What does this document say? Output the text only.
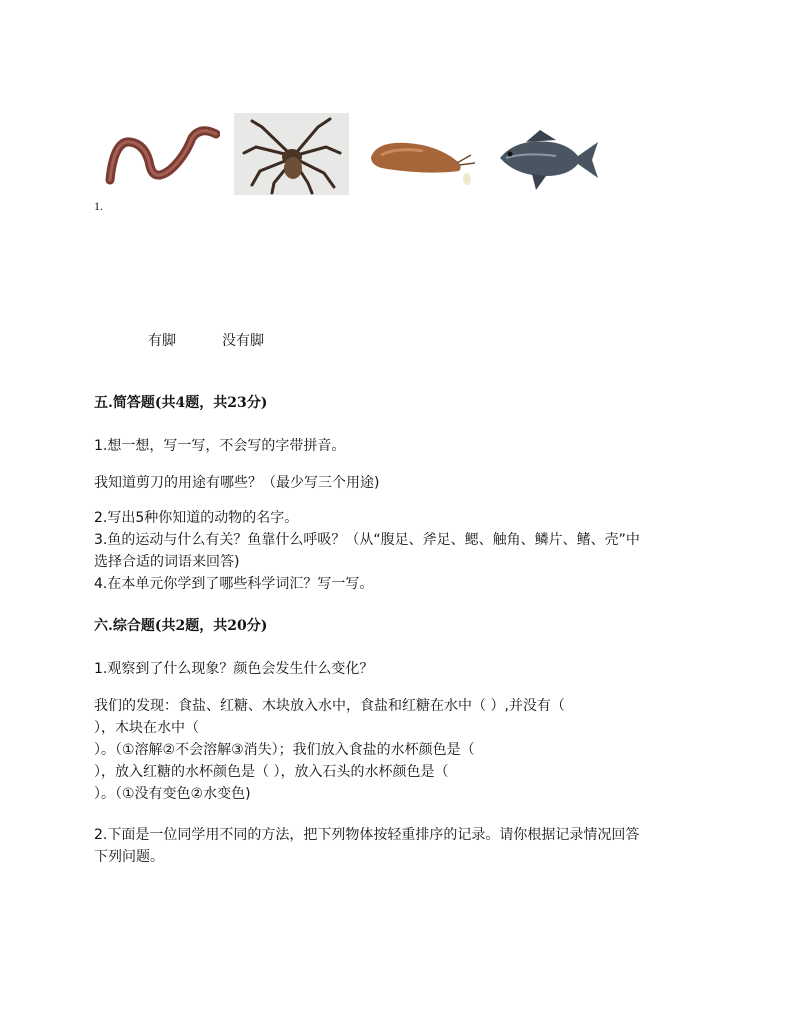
1.
有脚	没有脚
五.简答题(共4题，共23分)
1.想一想，写一写，不会写的字带拼音。
我知道剪刀的用途有哪些？（最少写三个用途)
2.写出5种你知道的动物的名字。
3.鱼的运动与什么有关？鱼靠什么呼吸？（从“腹足、斧足、鳃、触角、鳞片、鳍、壳”中
选择合适的词语来回答)
4.在本单元你学到了哪些科学词汇？写一写。
六.综合题(共2题，共20分)
1.观察到了什么现象？颜色会发生什么变化？
我们的发现：食盐、红糖、木块放入水中，食盐和红糖在水中（ ）,并没有（
），木块在水中（
）。（①溶解②不会溶解③消失）；我们放入食盐的水杯颜色是（
），放入红糖的水杯颜色是（ ），放入石头的水杯颜色是（
）。（①没有变色②水变色)
2.下面是一位同学用不同的方法，把下列物体按轻重排序的记录。请你根据记录情况回答
下列问题。
